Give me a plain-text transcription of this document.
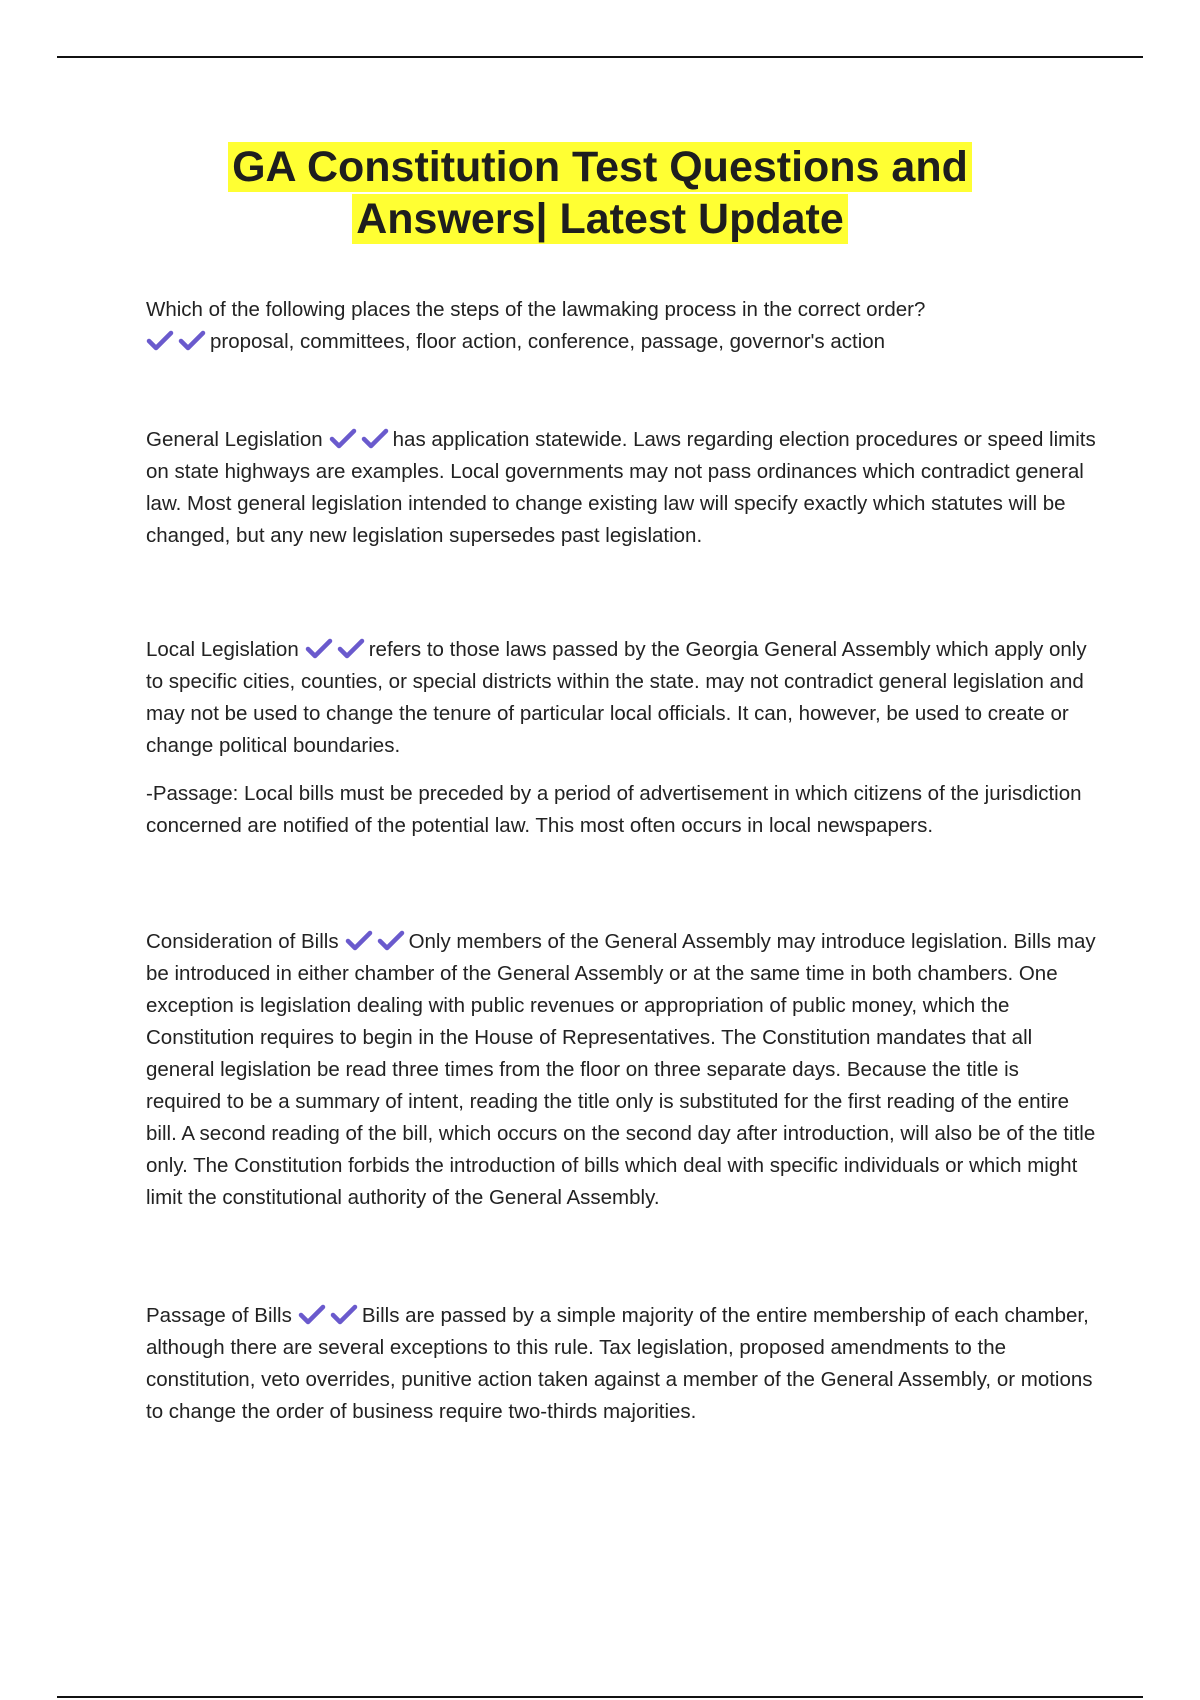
GA Constitution Test Questions and
Answers| Latest Update

Which of the following places the steps of the lawmaking process in the correct order?

proposal, committees, floor action, conference, passage, governor's action

General Legislation	has application statewide. Laws regarding election procedures or speed limits on state highways are examples. Local governments may not pass ordinances which contradict general law. Most general legislation intended to change existing law will specify exactly which statutes will be changed, but any new legislation supersedes past legislation.

Local Legislation	refers to those laws passed by the Georgia General Assembly which apply only to specific cities, counties, or special districts within the state. may not contradict general legislation and may not be used to change the tenure of particular local officials. It can, however, be used to create or change political boundaries.

-Passage: Local bills must be preceded by a period of advertisement in which citizens of the jurisdiction concerned are notified of the potential law. This most often occurs in local newspapers.

Consideration of Bills	Only members of the General Assembly may introduce legislation. Bills may be introduced in either chamber of the General Assembly or at the same time in both chambers. One exception is legislation dealing with public revenues or appropriation of public money, which the Constitution requires to begin in the House of Representatives. The Constitution mandates that all general legislation be read three times from the floor on three separate days. Because the title is required to be a summary of intent, reading the title only is substituted for the first reading of the entire bill. A second reading of the bill, which occurs on the second day after introduction, will also be of the title only. The Constitution forbids the introduction of bills which deal with specific individuals or which might limit the constitutional authority of the General Assembly.

Passage of Bills	Bills are passed by a simple majority of the entire membership of each chamber, although there are several exceptions to this rule. Tax legislation, proposed amendments to the constitution, veto overrides, punitive action taken against a member of the General Assembly, or motions to change the order of business require two-thirds majorities.
